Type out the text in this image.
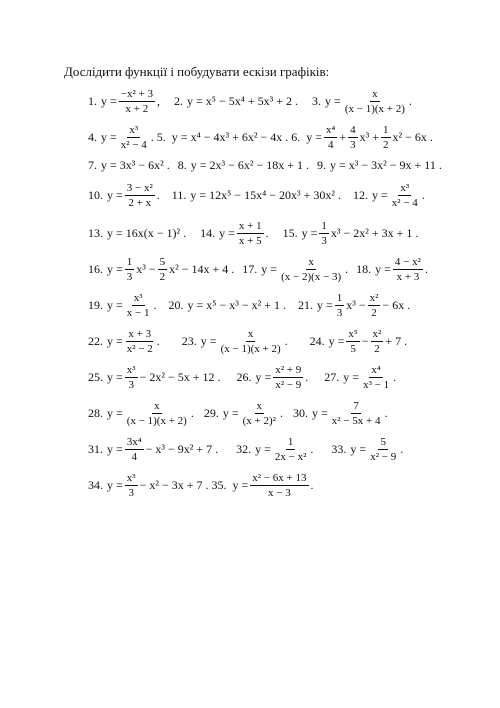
Дослідити функції і побудувати ескізи графіків:
1. $y = \frac{\text{−x² + 3}}{x + 2}$ , 2. y = x⁵ − 5x⁴ + 5x³ + 2 . 3. $y = \frac{x}{(x - 1)(x + 2)}$ .
4. $y = \frac{\text{x³}}{\text{x² − 4}}$ . 5. y = x⁴ − 4x³ + 6x² − 4x . 6. $y = \frac{\text{x⁴}}{4} + \frac{4}{3} x^3 + \frac{1}{2} x^2 - 6x$ .
7. y = 3x³ − 6x² . 8. y = 2x³ − 6x² − 18x + 1 . 9. y = x³ − 3x² − 9x + 11 .
10. $y = \frac{\text{3 − x²}}{2 + x}$ . 11. y = 12x⁵ − 15x⁴ − 20x³ + 30x² . 12. $y = \frac{\text{x³}}{\text{x² − 4}}$ .
13. y = 16x(x − 1)² . 14. $y = \frac{x + 1}{x + 5}$ . 15. $y = \frac{1}{3} x^3 - 2x^2 + 3x + 1$ .
16. $y = \frac{1}{3} x^3 - \frac{5}{2} x^2 - 14x + 4$ . 17. $y = \frac{x}{(x - 2)(x - 3)}$ . 18. $y = \frac{\text{4 − x²}}{x + 3}$ .
19. $y = \frac{\text{x³}}{x - 1}$ . 20. y = x⁵ − x³ − x² + 1 . 21. $y = \frac{1}{3} x^3 - \frac{\text{x²}}{2} - 6x$ .
22. $y = \frac{x + 3}{\text{x² − 2}}$ . 23. $y = \frac{x}{(x - 1)(x + 2)}$ . 24. $y = \frac{\text{x⁵}}{5} - \frac{\text{x²}}{2} + 7$ .
25. $y = \frac{\text{x³}}{3} - 2x^2 - 5x + 12$ . 26. $y = \frac{\text{x² + 9}}{\text{x² − 9}}$ . 27. $y = \frac{\text{x⁴}}{\text{x³ − 1}}$ .
28. $y = \frac{x}{(x - 1)(x + 2)}$ . 29. $y = \frac{x}{\text{(x + 2)²}}$ . 30. $y = \frac{7}{\text{x² − 5x + 4}}$ .
31. $y = \frac{\text{3x⁴}}{4} - x^3 - 9x^2 + 7$ . 32. $y = \frac{1}{\text{2x − x²}}$ . 33. $y = \frac{5}{\text{x² − 9}}$ .
34. $y = \frac{\text{x³}}{3} - x^2 - 3x + 7$ . 35. $y = \frac{\text{x² − 6x + 13}}{x - 3}$ .
